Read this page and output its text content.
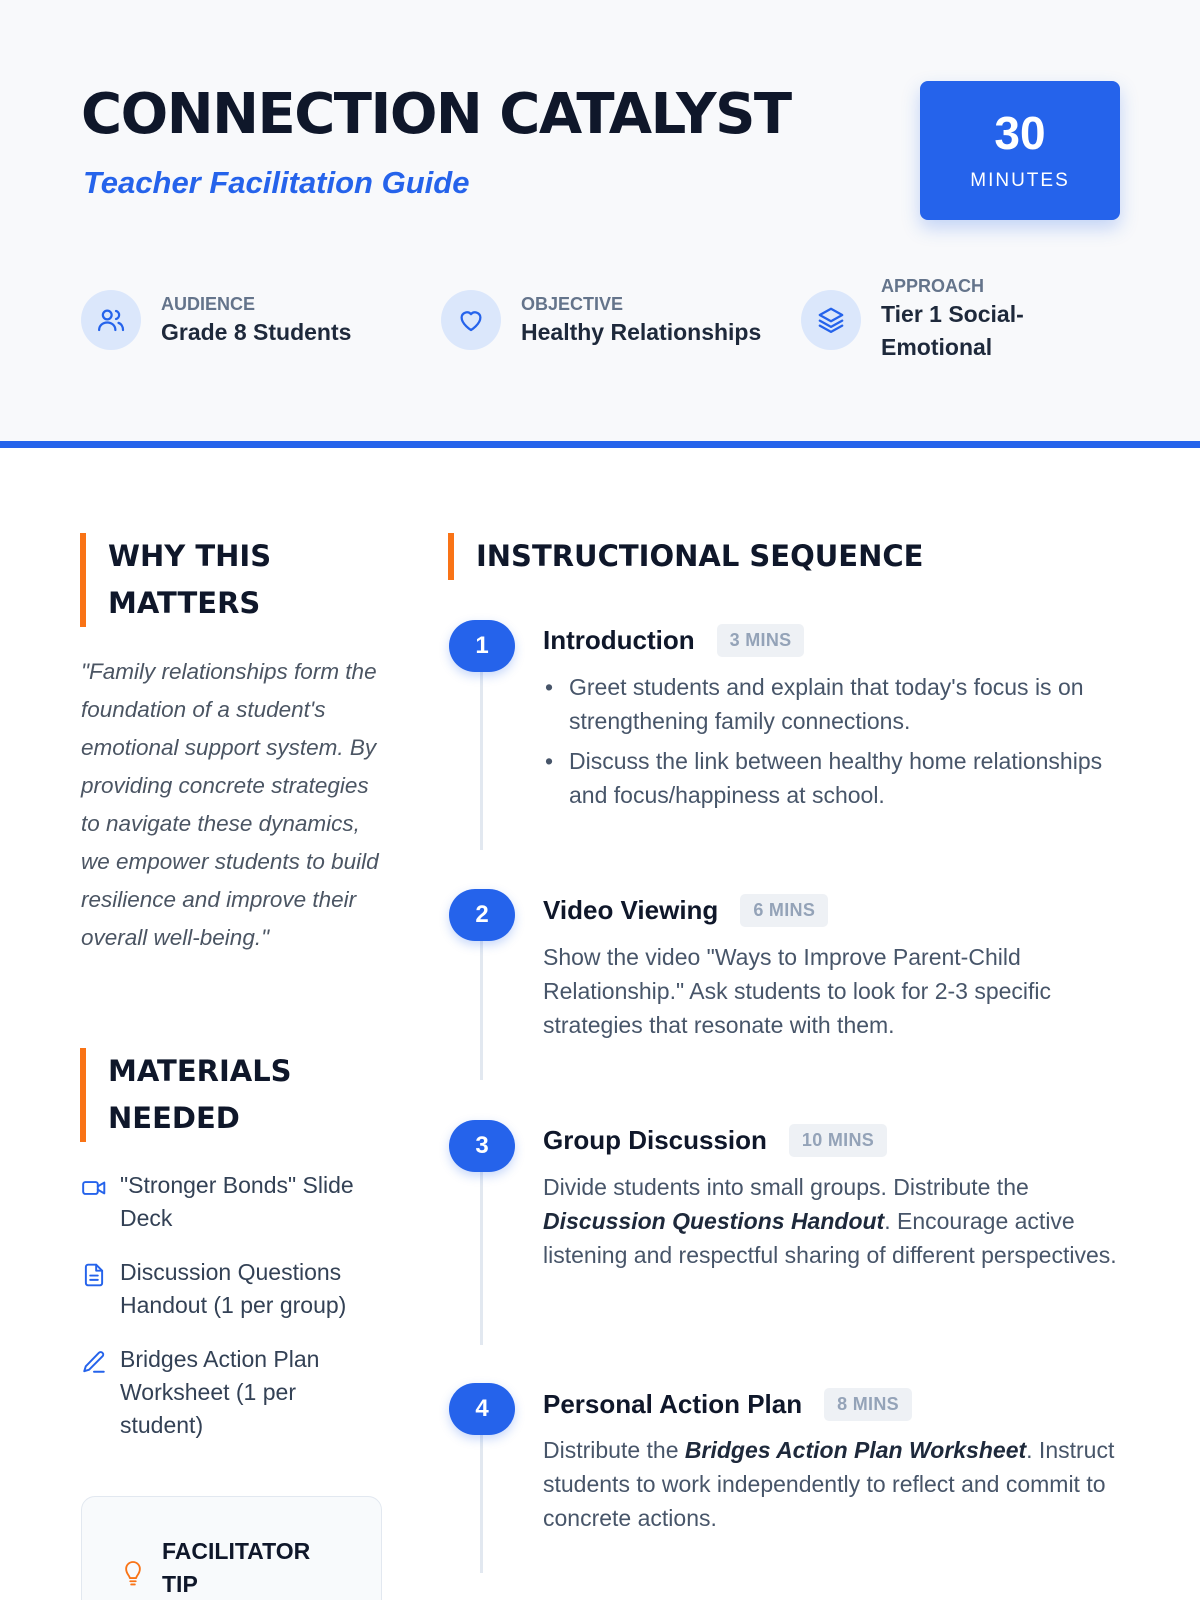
CONNECTION CATALYST
Teacher Facilitation Guide
30
MINUTES
AUDIENCE
Grade 8 Students
OBJECTIVE
Healthy Relationships
APPROACH
Tier 1 Social-Emotional
WHY THIS MATTERS

"Family relationships form the foundation of a student's emotional support system. By providing concrete strategies to navigate these dynamics, we empower students to build resilience and improve their overall well-being."

MATERIALS NEEDED
"Stronger Bonds" Slide Deck
Discussion Questions Handout (1 per group)
Bridges Action Plan Worksheet (1 per student)
FACILITATOR TIP
INSTRUCTIONAL SEQUENCE
1	Introduction	3 MINS
• Greet students and explain that today's focus is on strengthening family connections.
• Discuss the link between healthy home relationships and focus/happiness at school.
2	Video Viewing	6 MINS
Show the video "Ways to Improve Parent-Child Relationship." Ask students to look for 2-3 specific strategies that resonate with them.
3	Group Discussion	10 MINS
Divide students into small groups. Distribute the Discussion Questions Handout. Encourage active listening and respectful sharing of different perspectives.
4	Personal Action Plan	8 MINS
Distribute the Bridges Action Plan Worksheet. Instruct students to work independently to reflect and commit to concrete actions.
